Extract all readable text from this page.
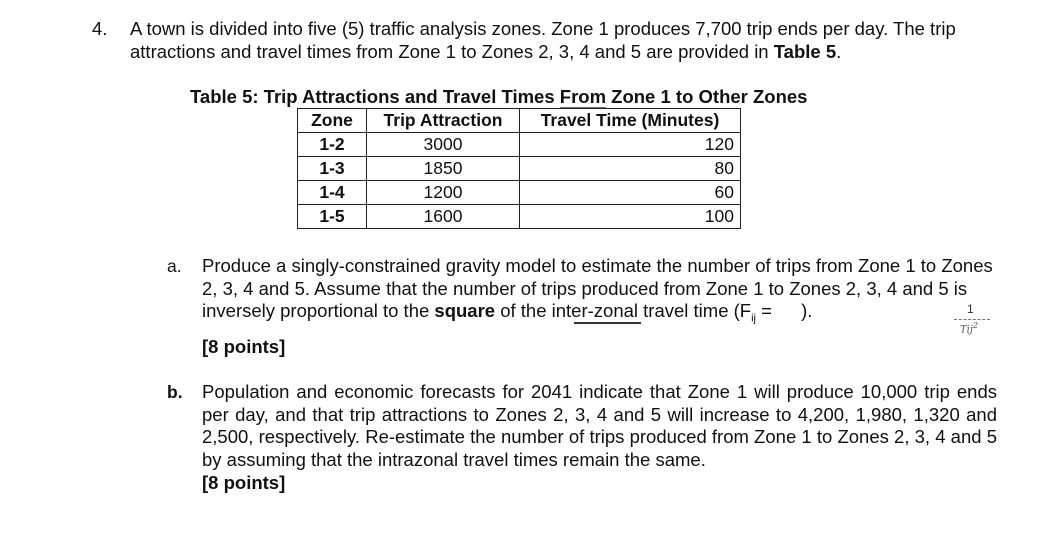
4. A town is divided into five (5) traffic analysis zones. Zone 1 produces 7,700 trip ends per day. The trip attractions and travel times from Zone 1 to Zones 2, 3, 4 and 5 are provided in Table 5.
Table 5: Trip Attractions and Travel Times From Zone 1 to Other Zones
Zone	Trip Attraction	Travel Time (Minutes)
1-2	3000	120
1-3	1850	80
1-4	1200	60
1-5	1600	100
a. Produce a singly-constrained gravity model to estimate the number of trips from Zone 1 to Zones 2, 3, 4 and 5. Assume that the number of trips produced from Zone 1 to Zones 2, 3, 4 and 5 is inversely proportional to the square of the inter-zonal travel time ($F_{ij}$ = ).	1
Tij$^2$
[8 points]
b. Population and economic forecasts for 2041 indicate that Zone 1 will produce 10,000 trip ends per day, and that trip attractions to Zones 2, 3, 4 and 5 will increase to 4,200, 1,980, 1,320 and 2,500, respectively. Re-estimate the number of trips produced from Zone 1 to Zones 2, 3, 4 and 5 by assuming that the intrazonal travel times remain the same.
[8 points]
